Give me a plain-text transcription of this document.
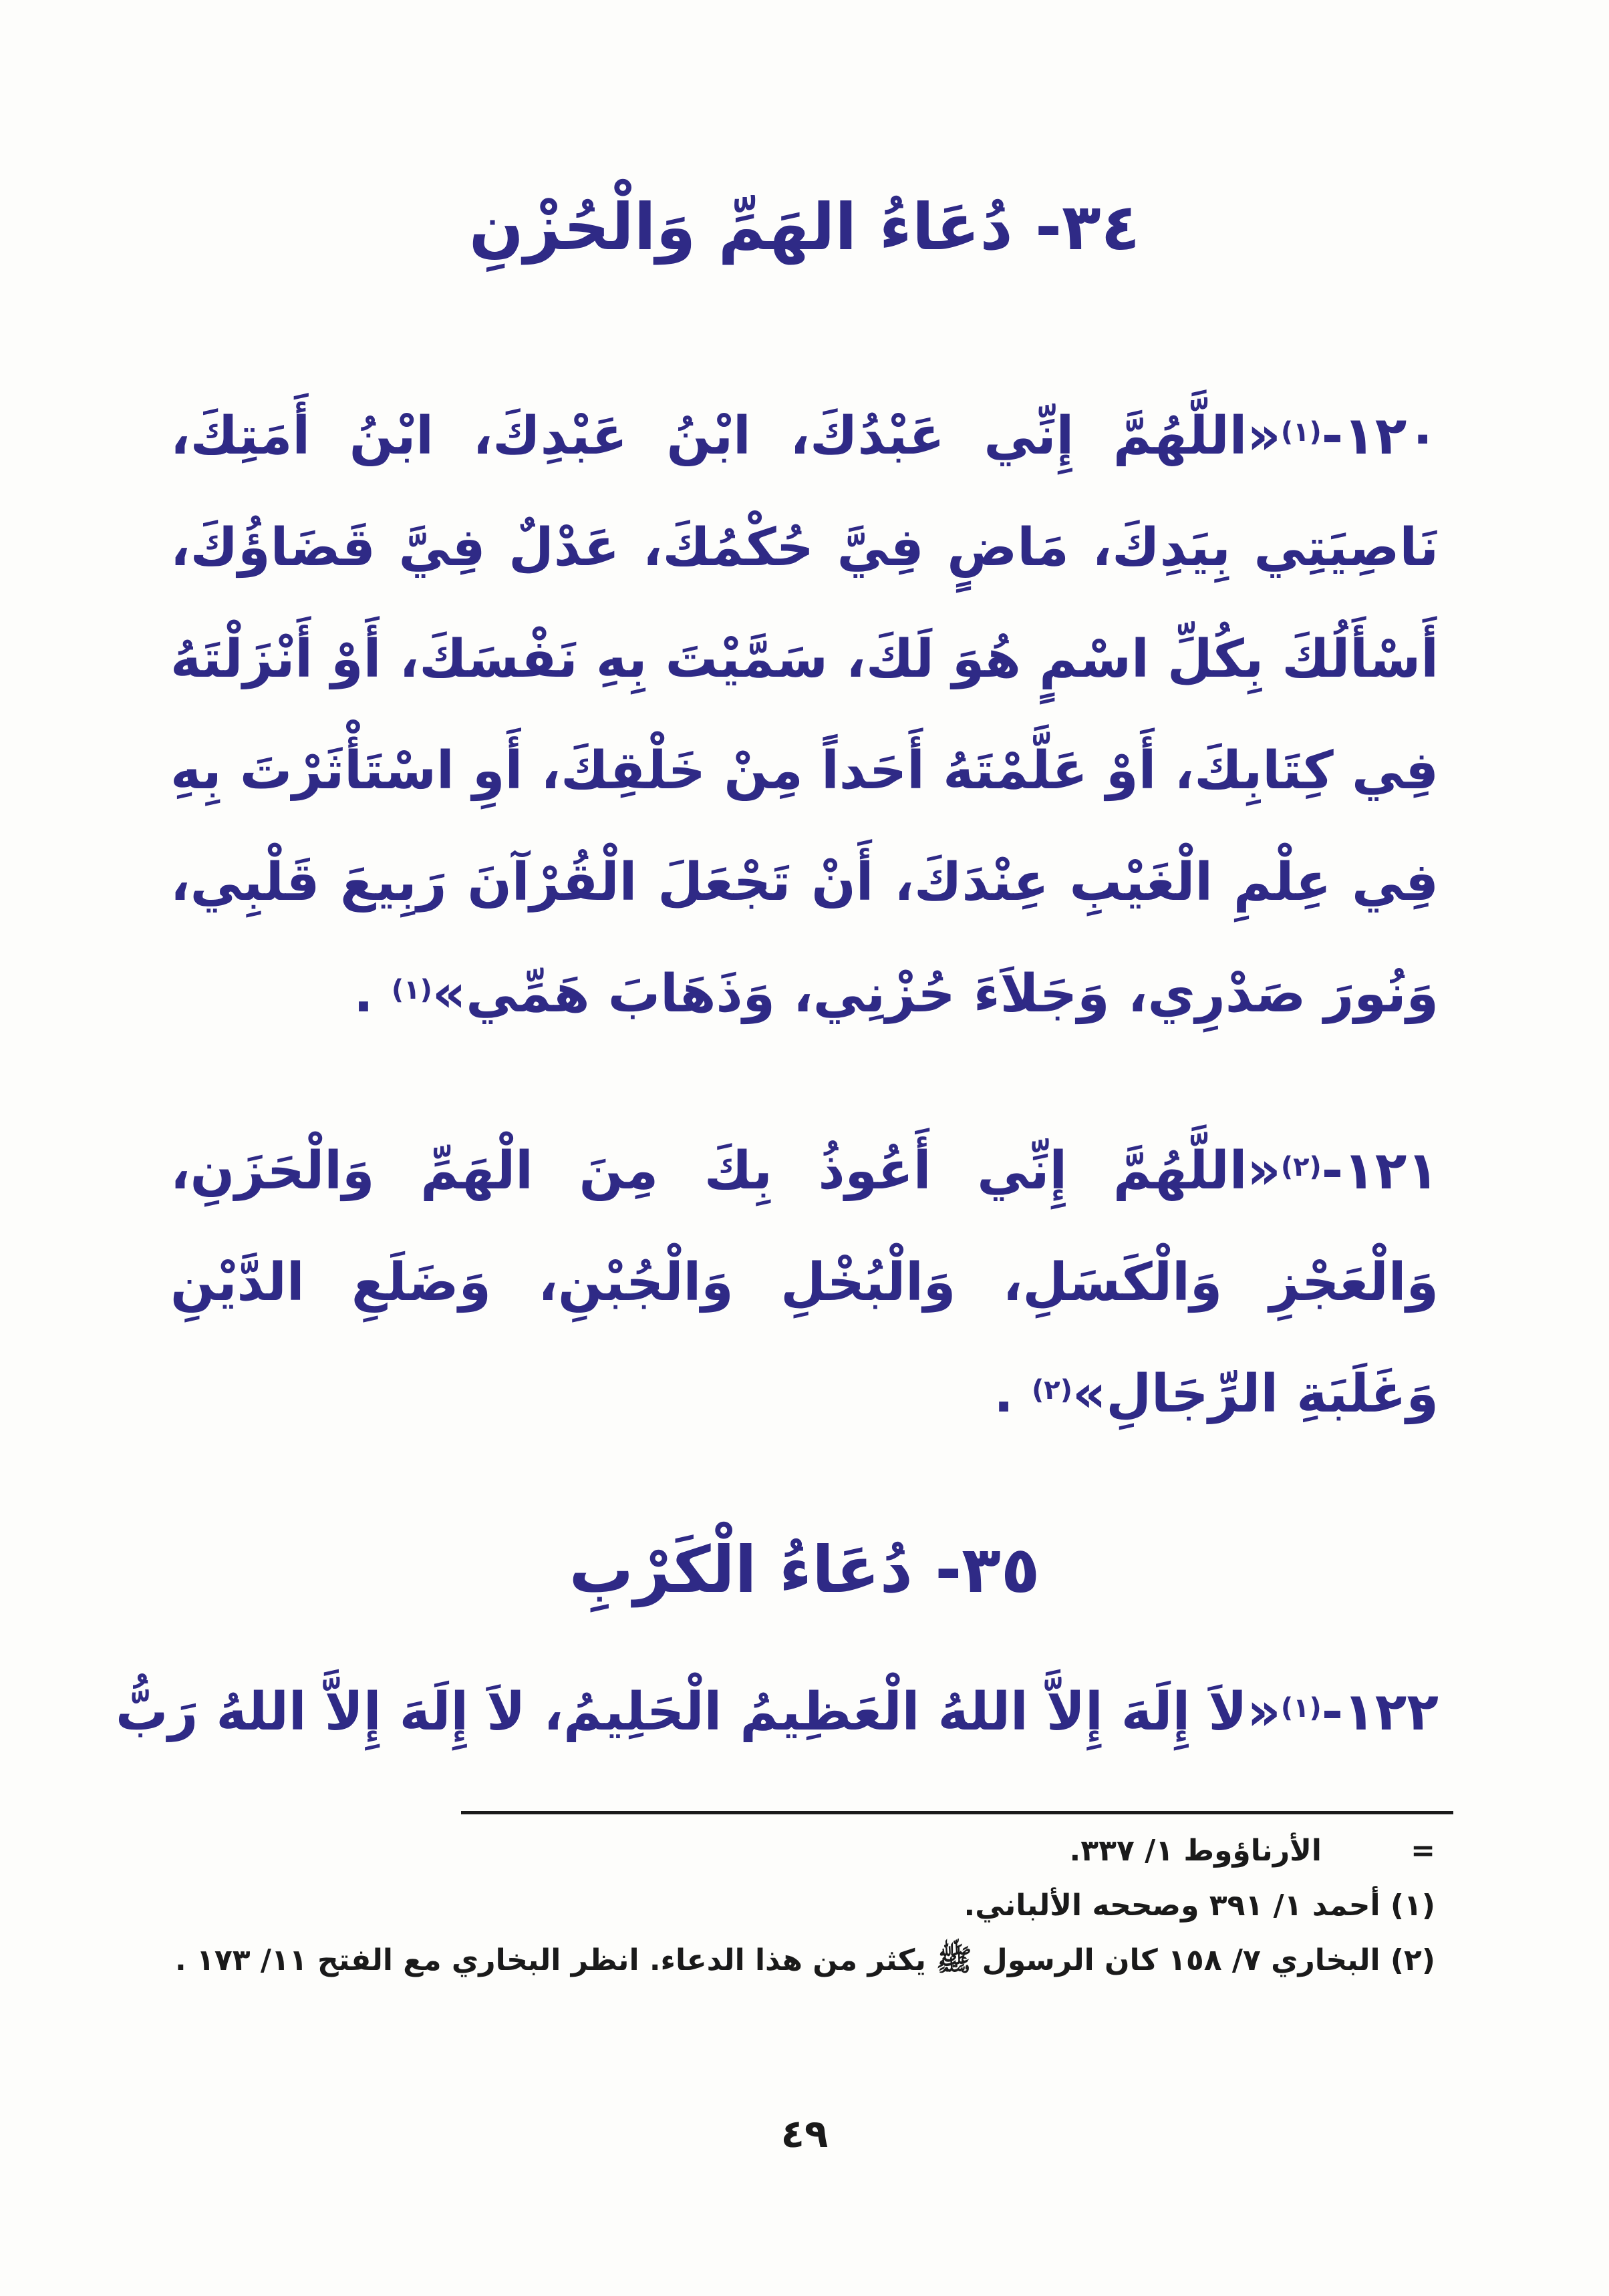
٣٤- دُعَاءُ الهَمِّ وَالْحُزْنِ
١٢٠-$^{(١)}$«اللَّهُمَّ إِنِّي عَبْدُكَ، ابْنُ عَبْدِكَ، ابْنُ أَمَتِكَ، نَاصِيَتِي بِيَدِكَ، مَاضٍ فِيَّ حُكْمُكَ، عَدْلٌ فِيَّ قَضَاؤُكَ، أَسْأَلُكَ بِكُلِّ اسْمٍ هُوَ لَكَ، سَمَّيْتَ بِهِ نَفْسَكَ، أَوْ أَنْزَلْتَهُ فِي كِتَابِكَ، أَوْ عَلَّمْتَهُ أَحَداً مِنْ خَلْقِكَ، أَوِ اسْتَأْثَرْتَ بِهِ فِي عِلْمِ الْغَيْبِ عِنْدَكَ، أَنْ تَجْعَلَ الْقُرْآنَ رَبِيعَ قَلْبِي، وَنُورَ صَدْرِي، وَجَلاَءَ حُزْنِي، وَذَهَابَ هَمِّي»$^{(١)}$ .
١٢١-$^{(٢)}$«اللَّهُمَّ إِنِّي أَعُوذُ بِكَ مِنَ الْهَمِّ وَالْحَزَنِ، وَالْعَجْزِ وَالْكَسَلِ، وَالْبُخْلِ وَالْجُبْنِ، وَضَلَعِ الدَّيْنِ وَغَلَبَةِ الرِّجَالِ»$^{(٢)}$ .
٣٥- دُعَاءُ الْكَرْبِ
١٢٢-$^{(١)}$«لاَ إِلَهَ إِلاَّ اللهُ الْعَظِيمُ الْحَلِيمُ، لاَ إِلَهَ إِلاَّ اللهُ رَبُّ
=
الأرناؤوط ١/ ٣٣٧.
(١) أحمد ١/ ٣٩١ وصححه الألباني.
(٢) البخاري ٧/ ١٥٨ كان الرسول ﷺ يكثر من هذا الدعاء. انظر البخاري مع الفتح ١١/ ١٧٣ .
٤٩
